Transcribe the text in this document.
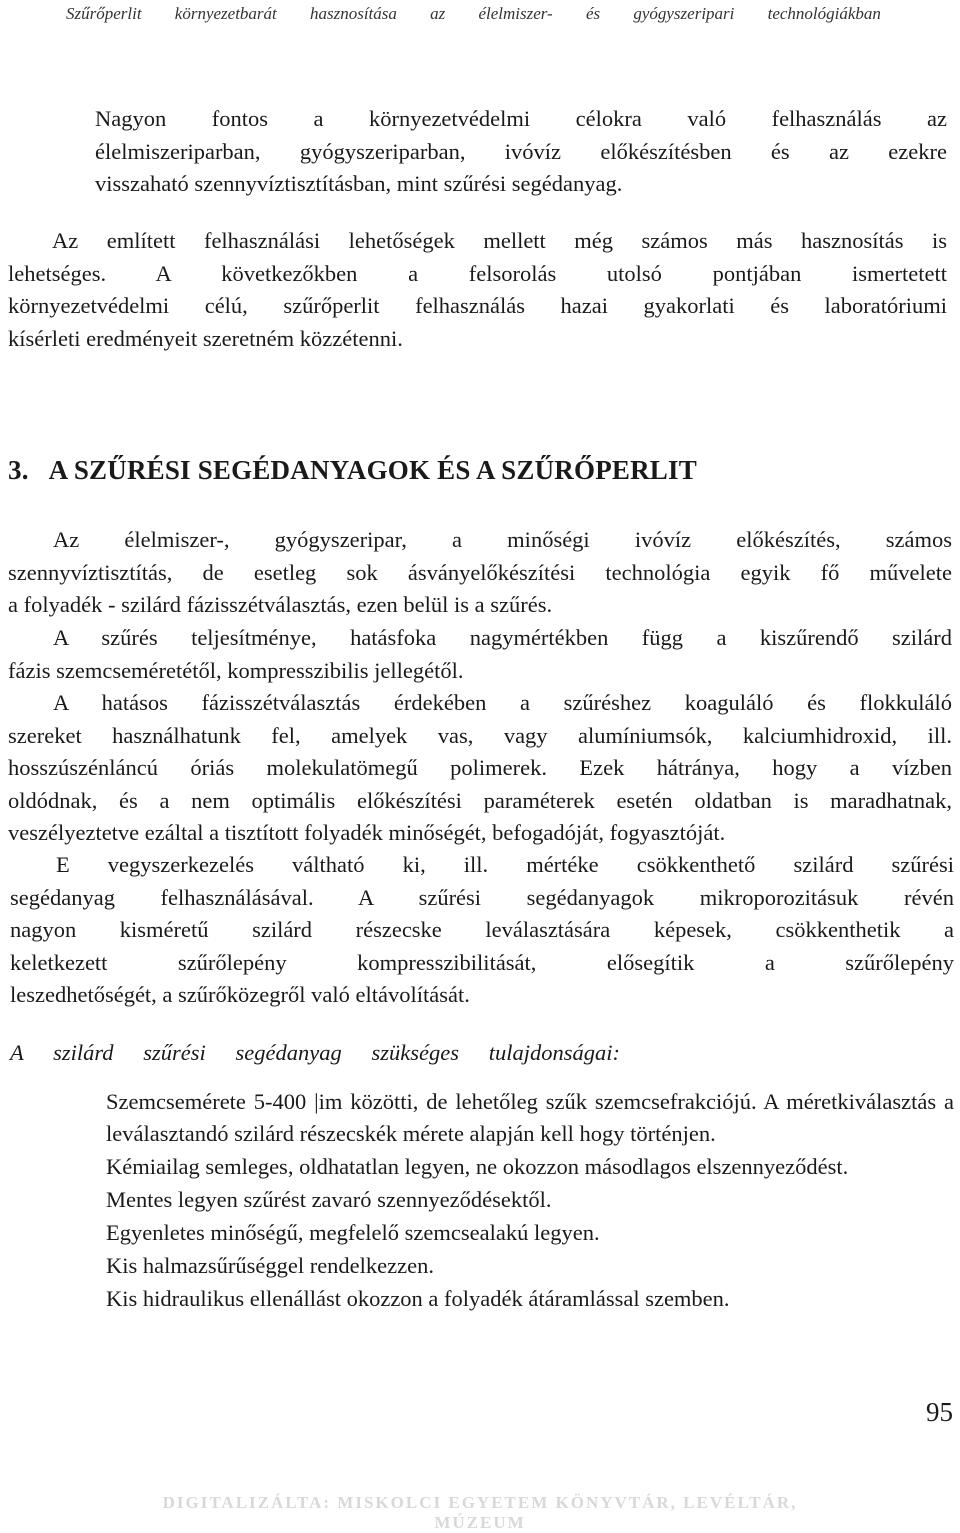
Szűrőperlit környezetbarát hasznosítása az élelmiszer- és gyógyszeripari technológiákban
Nagyon fontos a környezetvédelmi célokra való felhasználás az
élelmiszeriparban, gyógyszeriparban, ivóvíz előkészítésben és az ezekre
visszaható szennyvíztisztításban, mint szűrési segédanyag.
Az említett felhasználási lehetőségek mellett még számos más hasznosítás is
lehetséges. A következőkben a felsorolás utolsó pontjában ismertetett
környezetvédelmi célú, szűrőperlit felhasználás hazai gyakorlati és laboratóriumi
kísérleti eredményeit szeretném közzétenni.
3. A SZŰRÉSI SEGÉDANYAGOK ÉS A SZŰRŐPERLIT
Az élelmiszer-, gyógyszeripar, a minőségi ivóvíz előkészítés, számos
szennyvíztisztítás, de esetleg sok ásványelőkészítési technológia egyik fő művelete
a folyadék - szilárd fázisszétválasztás, ezen belül is a szűrés.
A szűrés teljesítménye, hatásfoka nagymértékben függ a kiszűrendő szilárd
fázis szemcseméretétől, kompresszibilis jellegétől.
A hatásos fázisszétválasztás érdekében a szűréshez koaguláló és flokkuláló
szereket használhatunk fel, amelyek vas, vagy alumíniumsók, kalciumhidroxid, ill.
hosszúszénláncú óriás molekulatömegű polimerek. Ezek hátránya, hogy a vízben
oldódnak, és a nem optimális előkészítési paraméterek esetén oldatban is maradhatnak,
veszélyeztetve ezáltal a tisztított folyadék minőségét, befogadóját, fogyasztóját.
E vegyszerkezelés váltható ki, ill. mértéke csökkenthető szilárd szűrési
segédanyag felhasználásával. A szűrési segédanyagok mikroporozitásuk révén
nagyon kisméretű szilárd részecske leválasztására képesek, csökkenthetik a
keletkezett szűrőlepény kompresszibilitását, elősegítik a szűrőlepény
leszedhetőségét, a szűrőközegről való eltávolítását.

A szilárd szűrési segédanyag szükséges tulajdonságai:

Szemcsemérete 5-400 |im közötti, de lehetőleg szűk szemcsefrakciójú. A méretkiválasztás a leválasztandó szilárd részecskék mérete alapján kell hogy történjen.
Kémiailag semleges, oldhatatlan legyen, ne okozzon másodlagos elszennyeződést.
Mentes legyen szűrést zavaró szennyeződésektől.
Egyenletes minőségű, megfelelő szemcsealakú legyen.
Kis halmazsűrűséggel rendelkezzen.
Kis hidraulikus ellenállást okozzon a folyadék átáramlással szemben.
95
DIGITALIZÁLTA: MISKOLCI EGYETEM KÖNYVTÁR, LEVÉLTÁR, MÚZEUM
